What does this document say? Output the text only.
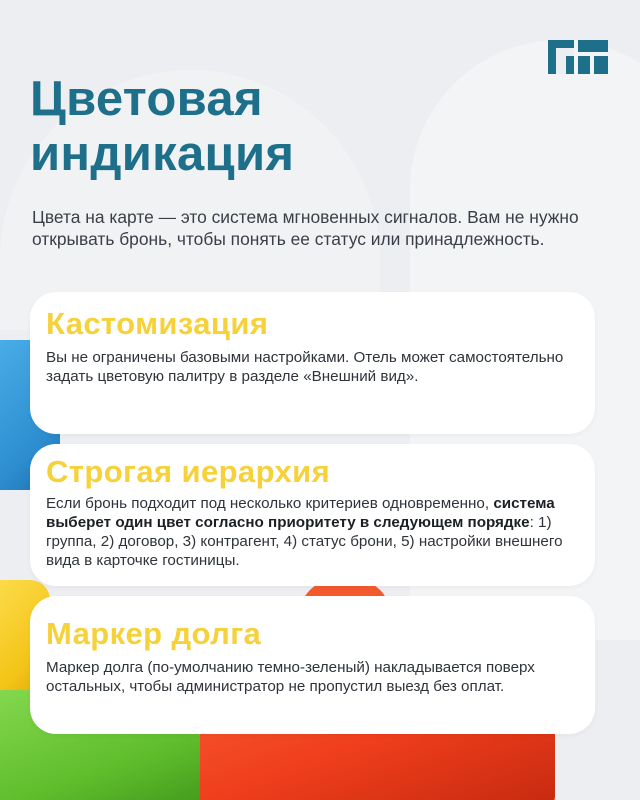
Цветовая
индикация

Цвета на карте — это система мгновенных сигналов. Вам не нужно открывать бронь, чтобы понять ее статус или принадлежность.

Кастомизация

Вы не ограничены базовыми настройками. Отель может самостоятельно задать цветовую палитру в разделе «Внешний вид».

Строгая иерархия

Если бронь подходит под несколько критериев одновременно, система выберет один цвет согласно приоритету в следующем порядке: 1) группа, 2) договор, 3) контрагент, 4) статус брони, 5) настройки внешнего вида в карточке гостиницы.

Маркер долга

Маркер долга (по-умолчанию темно-зеленый) накладывается поверх остальных, чтобы администратор не пропустил выезд без оплат.
